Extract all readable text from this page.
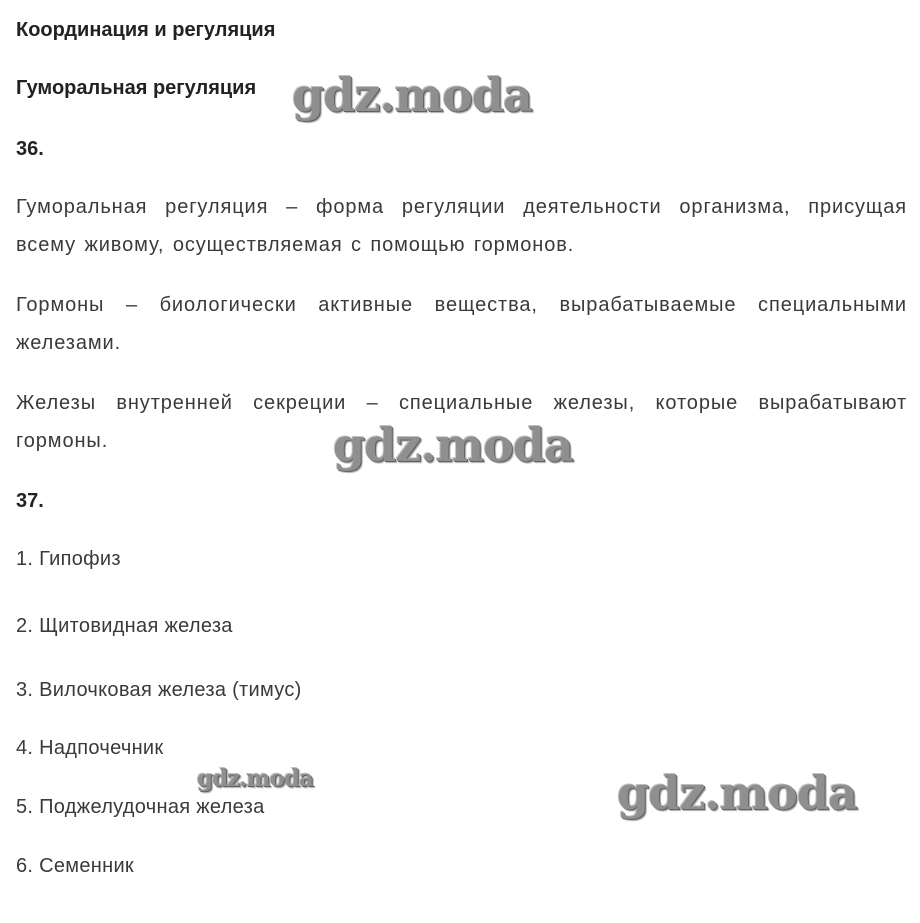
Координация и регуляция
Гуморальная регуляция
36.
Гуморальная регуляция – форма регуляции деятельности организма, присущая всему живому, осуществляемая с помощью гормонов.
Гормоны – биологически активные вещества, вырабатываемые специальными железами.
Железы внутренней секреции – специальные железы, которые вырабатывают гормоны.
37.
1. Гипофиз
2. Щитовидная железа
3. Вилочковая железа (тимус)
4. Надпочечник
5. Поджелудочная железа
6. Семенник
gdz.moda
gdz.moda
gdz.moda	gdz.moda
